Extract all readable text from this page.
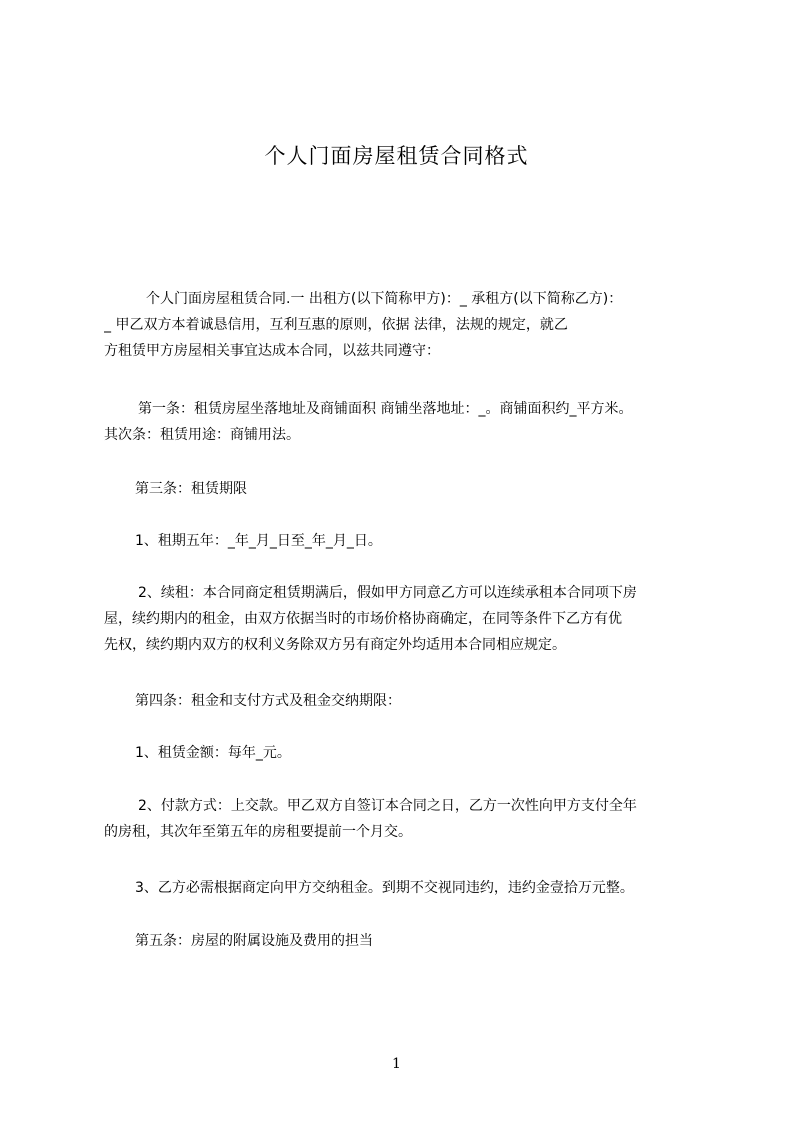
个人门面房屋租赁合同格式
个人门面房屋租赁合同.一 出租方(以下简称甲方)：_ 承租方(以下简称乙方)：
_ 甲乙双方本着诚恳信用，互利互惠的原则，依据 法律，法规的规定，就乙
方租赁甲方房屋相关事宜达成本合同，以兹共同遵守：
第一条：租赁房屋坐落地址及商铺面积 商铺坐落地址：_。商铺面积约_平方米。
其次条：租赁用途：商铺用法。
第三条：租赁期限
1、租期五年：_年_月_日至_年_月_日。
2、续租：本合同商定租赁期满后，假如甲方同意乙方可以连续承租本合同项下房
屋，续约期内的租金，由双方依据当时的市场价格协商确定，在同等条件下乙方有优
先权，续约期内双方的权利义务除双方另有商定外均适用本合同相应规定。
第四条：租金和支付方式及租金交纳期限：
1、租赁金额：每年_元。
2、付款方式：上交款。甲乙双方自签订本合同之日，乙方一次性向甲方支付全年
的房租，其次年至第五年的房租要提前一个月交。
3、乙方必需根据商定向甲方交纳租金。到期不交视同违约，违约金壹拾万元整。
第五条：房屋的附属设施及费用的担当
1
